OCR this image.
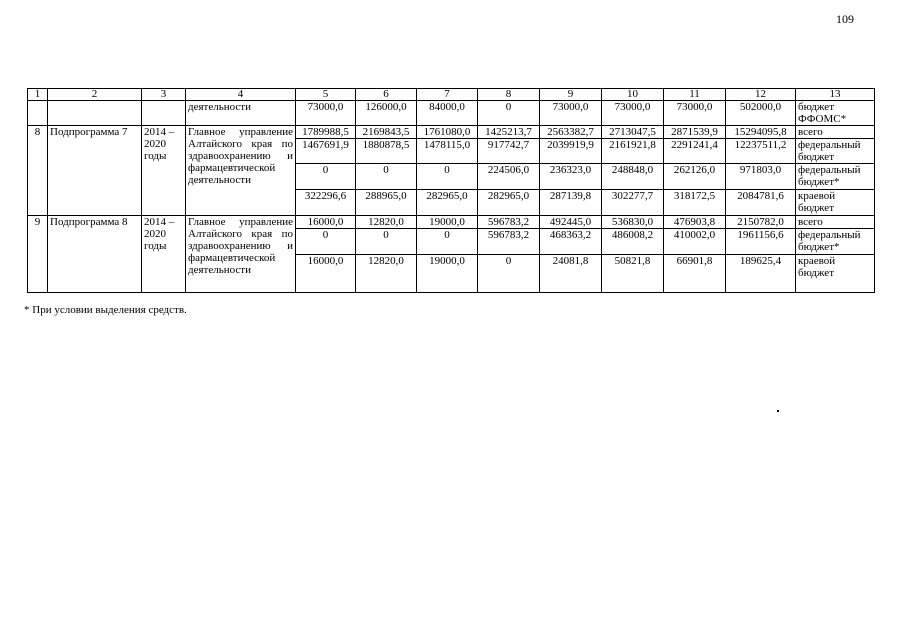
109
1	2	3	4	5	6	7	8	9	10	11	12	13
			деятельности	73000,0	126000,0	84000,0	0	73000,0	73000,0	73000,0	502000,0	бюджет ФФОМС*
8	Подпрограмма 7	2014 – 2020 годы	Главное управление Алтайского края по здравоохранению и фармацевтической деятельности	1789988,5	2169843,5	1761080,0	1425213,7	2563382,7	2713047,5	2871539,9	15294095,8	всего
				1467691,9	1880878,5	1478115,0	917742,7	2039919,9	2161921,8	2291241,4	12237511,2	федеральный бюджет
				0	0	0	224506,0	236323,0	248848,0	262126,0	971803,0	федеральный бюджет*
				322296,6	288965,0	282965,0	282965,0	287139,8	302277,7	318172,5	2084781,6	краевой бюджет
9	Подпрограмма 8	2014 – 2020 годы	Главное управление Алтайского края по здравоохранению и фармацевтической деятельности	16000,0	12820,0	19000,0	596783,2	492445,0	536830,0	476903,8	2150782,0	всего
				0	0	0	596783,2	468363,2	486008,2	410002,0	1961156,6	федеральный бюджет*
				16000,0	12820,0	19000,0	0	24081,8	50821,8	66901,8	189625,4	краевой бюджет
* При условии выделения средств.
